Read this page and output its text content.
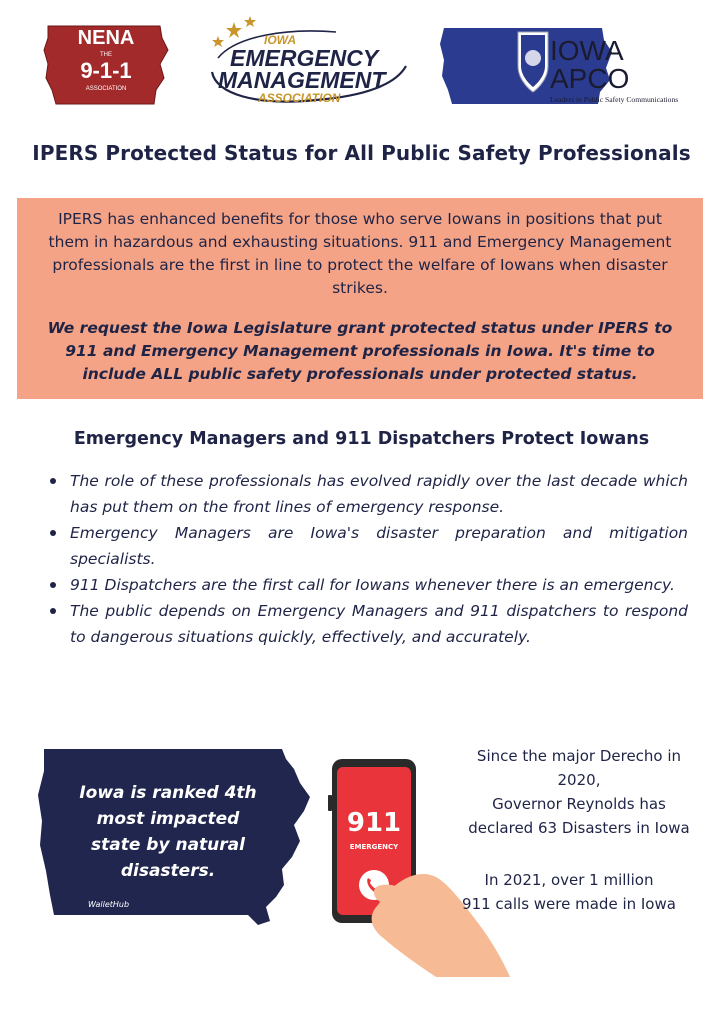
NENA
THE
9-1-1
ASSOCIATION
IOWA
EMERGENCY
MANAGEMENT
ASSOCIATION
IOWA
APCO
Leaders in Public Safety Communications
IPERS Protected Status for All Public Safety Professionals

IPERS has enhanced benefits for those who serve Iowans in positions that put them in hazardous and exhausting situations. 911 and Emergency Management professionals are the first in line to protect the welfare of Iowans when disaster strikes.

We request the Iowa Legislature grant protected status under IPERS to 911 and Emergency Management professionals in Iowa. It's time to include ALL public safety professionals under protected status.

Emergency Managers and 911 Dispatchers Protect Iowans
The role of these professionals has evolved rapidly over the last decade which has put them on the front lines of emergency response.
Emergency Managers are Iowa's disaster preparation and mitigation specialists.
911 Dispatchers are the first call for Iowans whenever there is an emergency.
The public depends on Emergency Managers and 911 dispatchers to respond to dangerous situations quickly, effectively, and accurately.
Iowa is ranked 4th
most impacted
state by natural
disasters.
WalletHub
911
EMERGENCY
Since the major Derecho in
2020,
Governor Reynolds has
declared 63 Disasters in Iowa
In 2021, over 1 million
911 calls were made in Iowa
